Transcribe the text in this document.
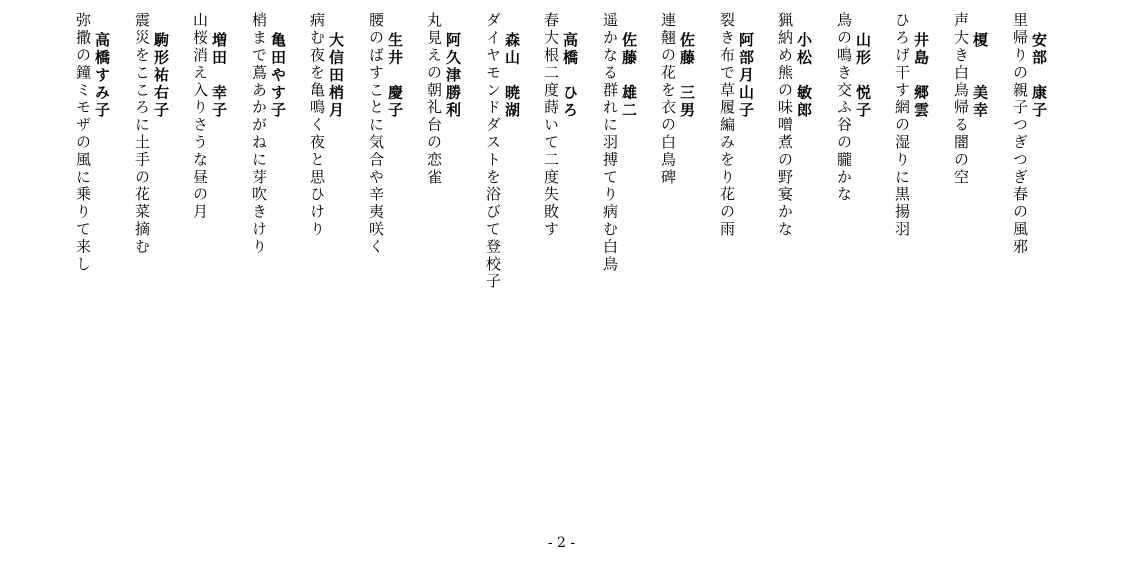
安部　康子
里帰りの親子つぎつぎ春の風邪
榎　　美幸
声大き白鳥帰る闇の空
井島　郷雲
ひろげ干す網の湿りに黒揚羽
山形　悦子
鳥の鳴き交ふ谷の朧かな
小松　敏郎
猟納め熊の味噌煮の野宴かな
阿部月山子
裂き布で草履編みをり花の雨
佐藤　三男
連翹の花を衣の白鳥碑
佐藤　雄二
遥かなる群れに羽搏てり病む白鳥
高橋　ひろ
春大根二度蒔いて二度失敗す
森山　暁湖
ダイヤモンドダストを浴びて登校子
阿久津勝利
丸見えの朝礼台の恋雀
生井　慶子
腰のばすことに気合や辛夷咲く
大信田梢月
病む夜を亀鳴く夜と思ひけり
亀田やす子
梢まで蔦あかがねに芽吹きけり
増田　幸子
山桜消え入りさうな昼の月
駒形祐右子
震災をこころに土手の花菜摘む
高橋すみ子
弥撒の鐘ミモザの風に乗りて来し
- 2 -
